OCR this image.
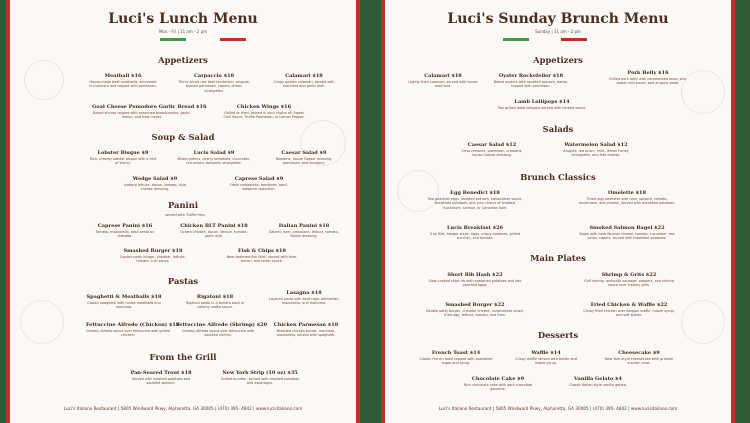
Luci's Lunch Menu
Mon - Fri | 11 am - 2 pm
Appetizers
Meatball $16
House-made beef meatballs, simmered in marinara and topped with parmesan.
Carpaccio $18
Thinly sliced raw beef tenderloin, arugula, shaved parmesan, capers, lemon vinaigrette.
Calamari $18
Crispy golden calamari, served with marinara and garlic aioli.
Goat Cheese Pomodoro Garlic Bread $16
Baked shrimp topped with seasoned breadcrumbs, garlic, lemon, and fresh herbs.
Chicken Wings $16
Grilled or fried, tossed in your choice of: Sweet Chili Sauce, Truffle Parmesan, or Lemon Pepper.
Soup & Salad
Lobster Bisque $9
Rich, creamy lobster bisque with a hint of sherry.
Lucis Salad $9
Mixed greens, cherry tomatoes, cucumber, red onions, balsamic vinaigrette.
Caesar Salad $9
Romaine, house Caesar dressing, parmesan, and croutons.
Wedge Salad $9
Iceberg lettuce, bacon, tomato, blue cheese dressing.
Caprese Salad $9
Fresh mozzarella, tomatoes, basil, balsamic reduction.
Panini
served with Truffle fries
Caprese Panini $16
Tomato, mozzarella, basil pesto on ciabatta.
Chicken BLT Panini $18
Grilled chicken, bacon, lettuce, tomato, garlic aioli.
Italian Panini $18
Salami, ham, provolone, lettuce, tomato, Italian dressing.
Smashed Burger $18
Double patty burger, cheddar, lettuce, tomato, Luci sauce.
Fish & Chips $18
Beer-battered fish fillet, served with fries, lemon, and tartar sauce.
Pastas
Spaghetti & Meatballs $18
Classic spaghetti with house meatballs and marinara.
Rigatoni $18
Rigatoni pasta in a tomato basil or creamy vodka sauce.
Lasagna $18
Layered pasta with beef ragu, béchamel, mozzarella, and marinara.
Fettuccine Alfredo (Chicken) $18
Creamy Alfredo sauce over fettuccine with grilled chicken.
Fettuccine Alfredo (Shrimp) $20
Creamy Alfredo sauce over fettuccine with sautéed shrimp.
Chicken Parmesan $18
Breaded chicken breast, marinara, mozzarella, served with spaghetti.
From the Grill
Pan-Seared Trout $18
Served with mashed potatoes and sautéed spinach.
New York Strip (10 oz) $35
Grilled to order, served with mashed potatoes and asparagus.
Luci's Italiano Restaurant | 5805 Windward Pkwy, Alpharetta, GA 30005 | (470) 395- 4842 | www.lucisitaliano.com
Luci's Sunday Brunch Menu
Sunday | 11 am - 2 pm
Appetizers
Calamari $18
Lightly fried calamari, served with house marinara.
Oyster Rockefeller $18
Baked oysters with sautéed spinach, bacon, topped with parmesan.
Pork Belly $16
Grilled pork belly with caramelized onion jam, sweet chili sauce, and arugula salad.
Lamb Lollipops $14
Two grilled lamb lollipops served with herbed sauce.
Salads
Caesar Salad $12
Crisp romaine, parmesan, croutons, house Caesar dressing.
Watermelon Salad $12
Arugula, red onion, mint, lemon honey vinaigrette, and feta cheese.
Brunch Classics
Egg Benedict $18
Two poached eggs, sautéed spinach, hollandaise sauce, breakfast potatoes, and your choice of smoked mushroom, salmon, or Canadian ham.
Omelette $18
Three-egg omelette with ham, spinach, tomato, mushroom, and cheese. Served with breakfast potatoes.
Lucis Breakfast $26
4 oz filet, hanger steak, eggs, crispy potatoes, grilled zucchini, and tomato.
Smoked Salmon Bagel $22
Bagel with herb Boursin cheese, tomato, cucumber, red onion, capers, served with breakfast potatoes.
Main Plates
Short Rib Hash $22
Slow-cooked short rib with seasoned potatoes and two poached eggs.
Shrimp & Grits $22
Gulf shrimp, andouille sausage, peppers, and shrimp sauce over creamy grits.
Smashed Burger $22
Double patty burger, cheddar cheese, caramelized onion, fried egg, lettuce, tomato, and fries.
Fried Chicken & Waffle $22
Crispy fried chicken over Belgian waffle, maple syrup, and soft butter.
Desserts
French Toast $14
Classic French toast topped with powdered sugar and syrup.
Waffle $14
Crispy waffle served with butter and maple syrup.
Cheesecake $9
New York-style cheesecake with graham cracker crust.
Chocolate Cake $9
Rich chocolate cake with dark chocolate ganache.
Vanilla Gelato $4
Classic Italian-style vanilla gelato.
Luci's Italiano Restaurant | 5805 Windward Pkwy, Alpharetta, GA 30005 | (470) 395- 4842 | www.lucisitaliano.com
